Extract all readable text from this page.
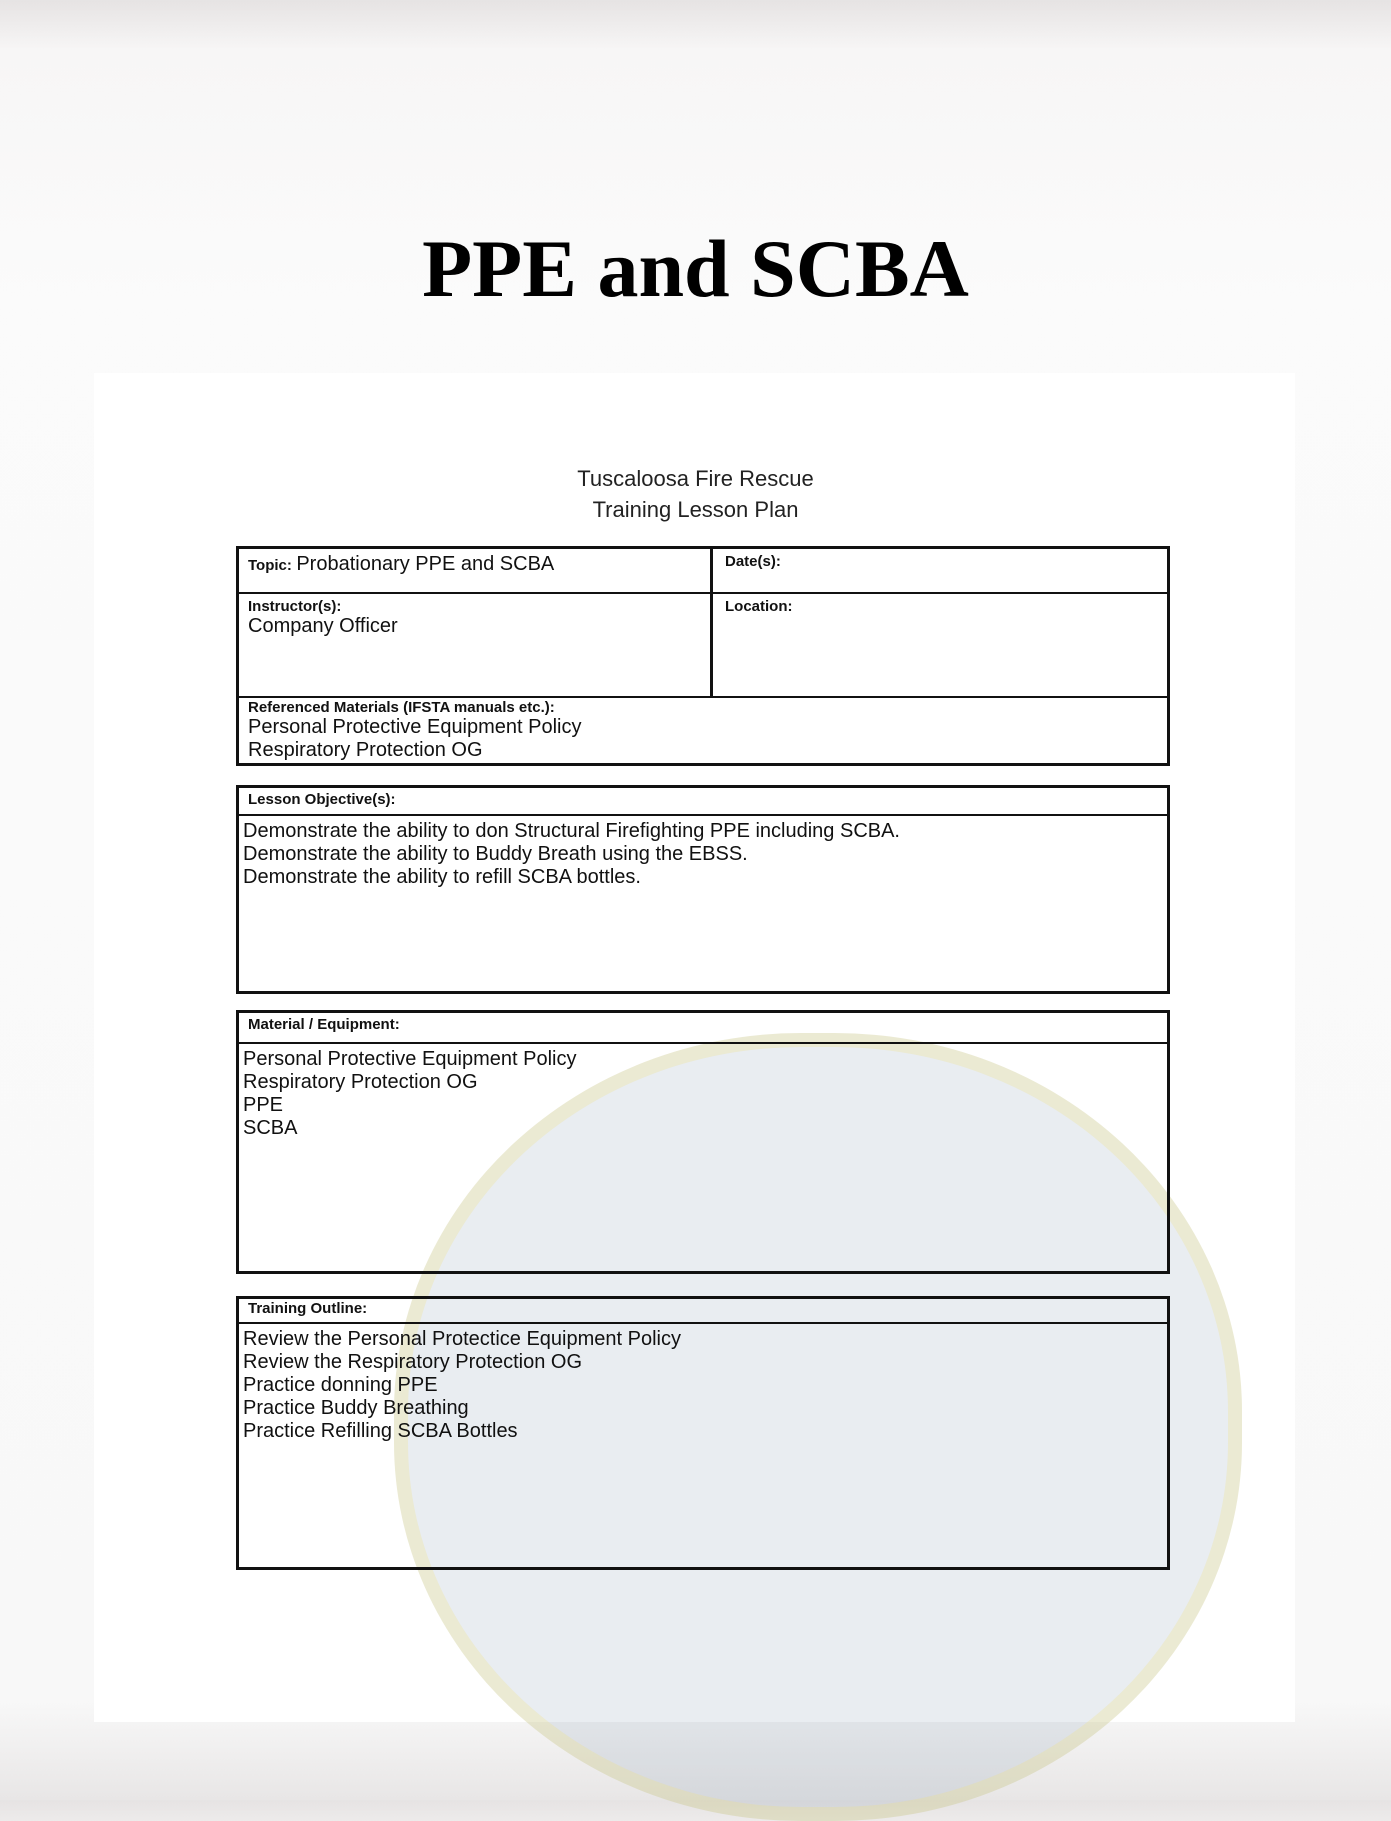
PPE and SCBA
Tuscaloosa Fire Rescue
Training Lesson Plan
Topic: Probationary PPE and SCBA	Date(s):
Instructor(s):
Company Officer
Location:
Referenced Materials (IFSTA manuals etc.):
Personal Protective Equipment Policy
Respiratory Protection OG
Lesson Objective(s):
Demonstrate the ability to don Structural Firefighting PPE including SCBA.
Demonstrate the ability to Buddy Breath using the EBSS.
Demonstrate the ability to refill SCBA bottles.
Material / Equipment:
Personal Protective Equipment Policy
Respiratory Protection OG
PPE
SCBA
Training Outline:
Review the Personal Protectice Equipment Policy
Review the Respiratory Protection OG
Practice donning PPE
Practice Buddy Breathing
Practice Refilling SCBA Bottles
